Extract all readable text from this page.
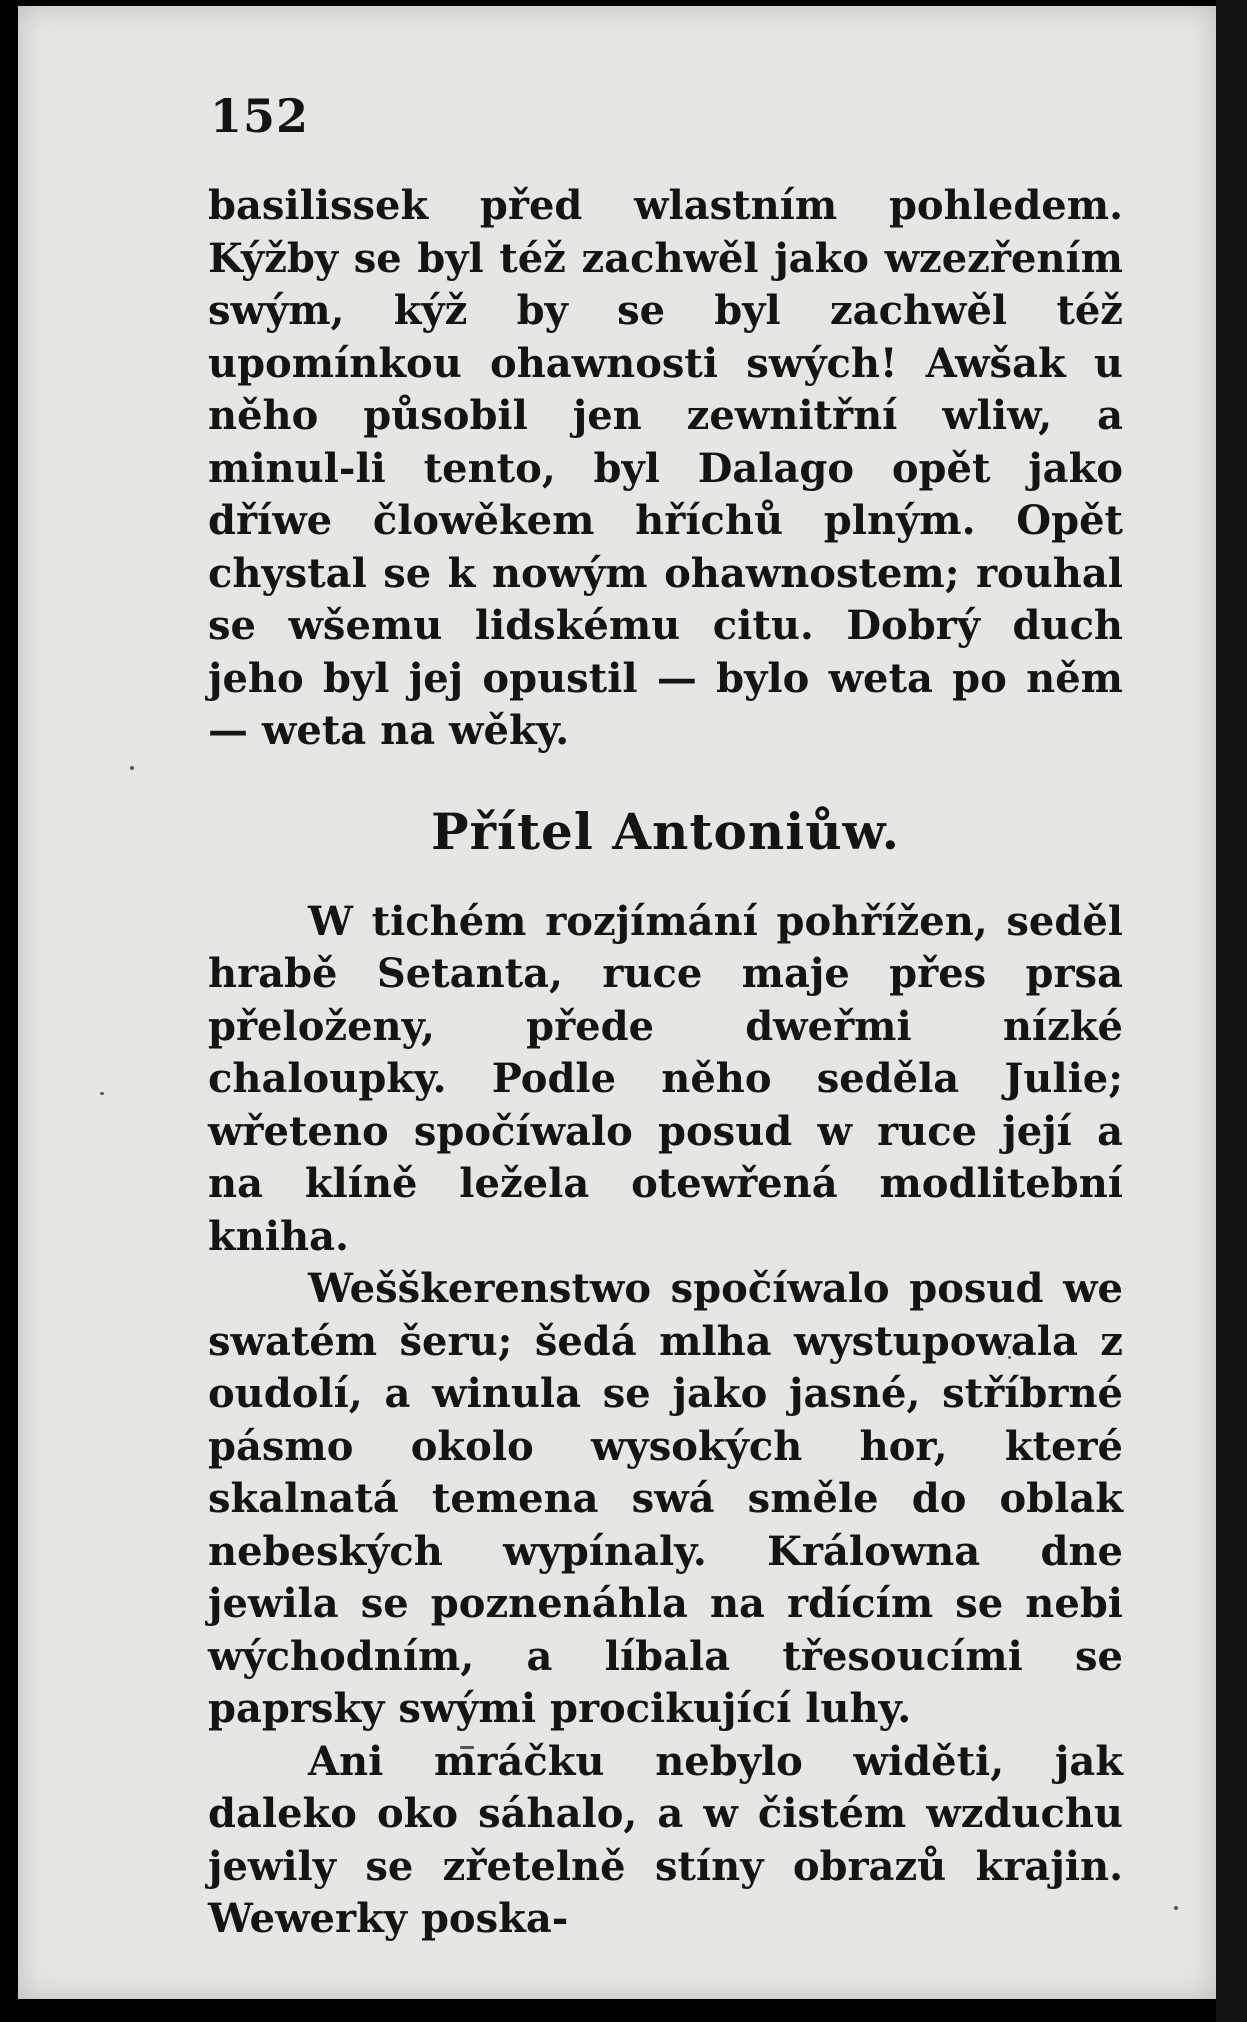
152

basilissek před wlastním pohledem. Kýžby se byl též zachwěl jako wzezřením swým, kýž by se byl zachwěl též upomínkou ohawnosti swých! Awšak u něho působil jen zewnitřní wliw, a minul-li tento, byl Dalago opět jako dříwe člowěkem hříchů plným. Opět chystal se k nowým ohawnostem; rouhal se wšemu lidskému citu. Dobrý duch jeho byl jej opustil — bylo weta po něm — weta na wěky.

Přítel Antoniůw.

W tichém rozjímání pohřížen, seděl hrabě Setanta, ruce maje přes prsa přeloženy, přede dweřmi nízké chaloupky. Podle něho seděla Julie; wřeteno spočíwalo posud w ruce její a na klíně ležela otewřená modlitební kniha.

Wešškerenstwo spočíwalo posud we swatém šeru; šedá mlha wystupowala z oudolí, a winula se jako jasné, stříbrné pásmo okolo wysokých hor, které skalnatá temena swá směle do oblak nebeských wypínaly. Králowna dne jewila se poznenáhla na rdícím se nebi wýchodním, a líbala třesoucími se paprsky swými procikující luhy.

Ani mráčku nebylo widěti, jak daleko oko sáhalo, a w čistém wzduchu jewily se zřetelně stíny obrazů krajin. Wewerky poska-
